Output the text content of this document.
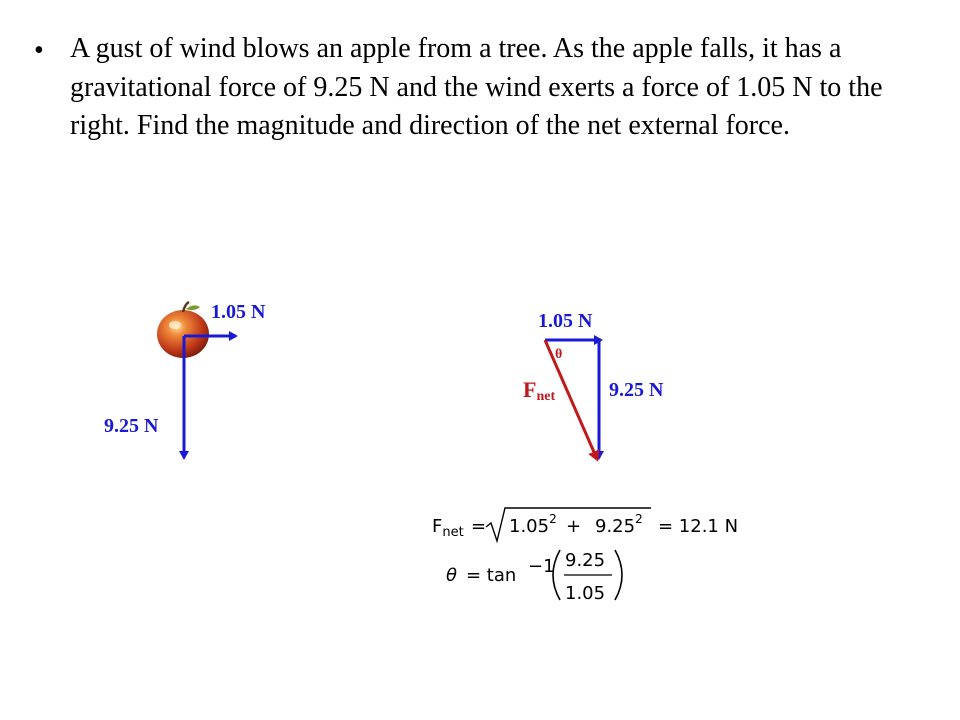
• A gust of wind blows an apple from a tree. As the apple falls, it has a gravitational force of 9.25 N and the wind exerts a force of 1.05 N to the right. Find the magnitude and direction of the net external force.
1.05 N
9.25 N
1.05 N
9.25 N
θ
Fnet
$F_{net} = 1.05^2 + 9.25^2 = 12.1$ N
θ = tan −1 9.25
1.05
